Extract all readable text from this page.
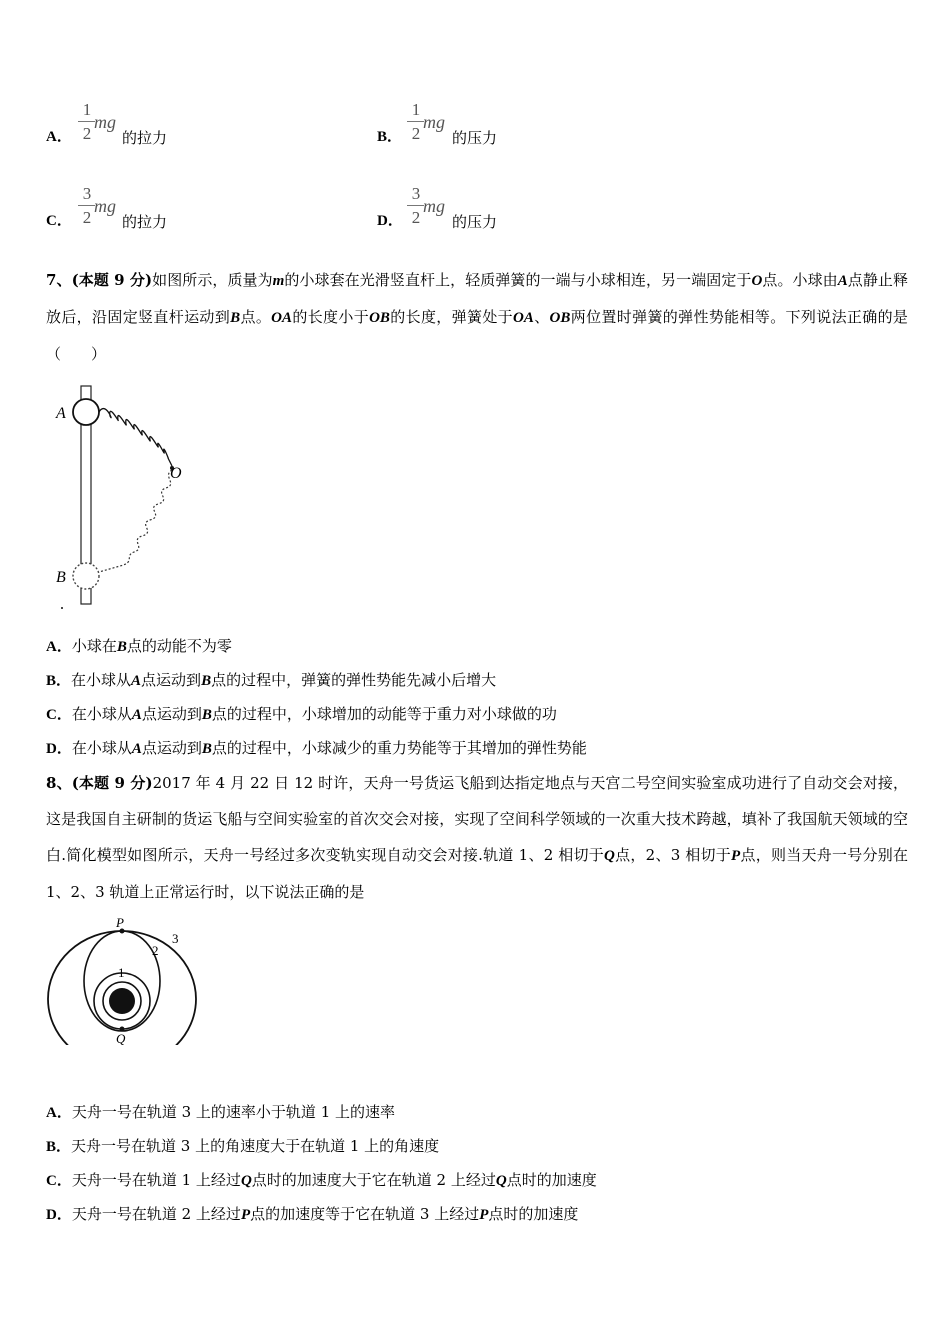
A．
1
2
mg
的拉力	B．
1
2
mg
的压力
C．
3
2
mg
的拉力	D．
3
2
mg
的压力
7、(本题 9 分)如图所示，质量为m的小球套在光滑竖直杆上，轻质弹簧的一端与小球相连，另一端固定于O点。小球由A点静止释放后，沿固定竖直杆运动到B点。OA的长度小于OB的长度，弹簧处于OA、OB两位置时弹簧的弹性势能相等。下列说法正确的是（　　）
A
B
O
A．小球在B点的动能不为零
B．在小球从A点运动到B点的过程中，弹簧的弹性势能先减小后增大
C．在小球从A点运动到B点的过程中，小球增加的动能等于重力对小球做的功
D．在小球从A点运动到B点的过程中，小球减少的重力势能等于其增加的弹性势能
8、(本题 9 分)2017 年 4 月 22 日 12 时许，天舟一号货运飞船到达指定地点与天宫二号空间实验室成功进行了自动交会对接，这是我国自主研制的货运飞船与空间实验室的首次交会对接，实现了空间科学领域的一次重大技术跨越，填补了我国航天领域的空白.简化模型如图所示，天舟一号经过多次变轨实现自动交会对接.轨道 1、2 相切于Q点，2、3 相切于P点，则当天舟一号分别在 1、2、3 轨道上正常运行时，以下说法正确的是
P
Q
1
2
3
A．天舟一号在轨道 3 上的速率小于轨道 1 上的速率
B．天舟一号在轨道 3 上的角速度大于在轨道 1 上的角速度
C．天舟一号在轨道 1 上经过Q点时的加速度大于它在轨道 2 上经过Q点时的加速度
D．天舟一号在轨道 2 上经过P点的加速度等于它在轨道 3 上经过P点时的加速度
